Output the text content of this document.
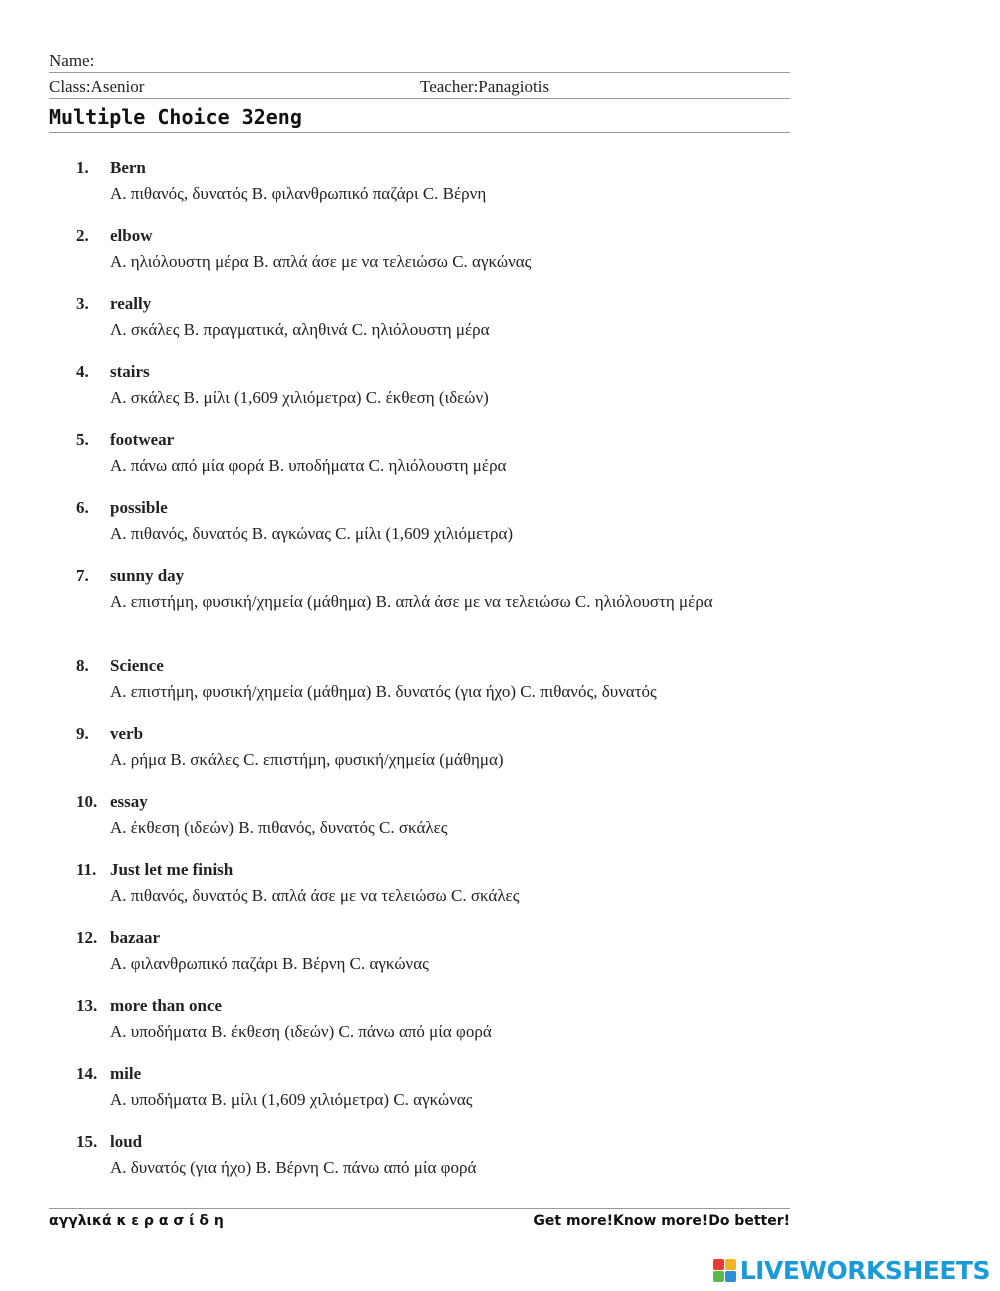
Name:
Class:Asenior	Teacher:Panagiotis
Multiple Choice 32eng
1.	Bern
A. πιθανός, δυνατός B. φιλανθρωπικό παζάρι C. Βέρνη
2.	elbow
A. ηλιόλουστη μέρα B. απλά άσε με να τελειώσω C. αγκώνας
3.	really
Λ. σκάλες B. πραγματικά, αληθινά C. ηλιόλουστη μέρα
4.	stairs
A. σκάλες B. μίλι (1,609 χιλιόμετρα) C. έκθεση (ιδεών)
5.	footwear
A. πάνω από μία φορά B. υποδήματα C. ηλιόλουστη μέρα
6.	possible
A. πιθανός, δυνατός B. αγκώνας C. μίλι (1,609 χιλιόμετρα)
7.	sunny day
A. επιστήμη, φυσική/χημεία (μάθημα) B. απλά άσε με να τελειώσω C. ηλιόλουστη μέρα
8.	Science
A. επιστήμη, φυσική/χημεία (μάθημα) B. δυνατός (για ήχο) C. πιθανός, δυνατός
9.	verb
A. ρήμα B. σκάλες C. επιστήμη, φυσική/χημεία (μάθημα)
10. essay
A. έκθεση (ιδεών) B. πιθανός, δυνατός C. σκάλες
11. Just let me finish
A. πιθανός, δυνατός B. απλά άσε με να τελειώσω C. σκάλες
12. bazaar
A. φιλανθρωπικό παζάρι B. Βέρνη C. αγκώνας
13. more than once
A. υποδήματα B. έκθεση (ιδεών) C. πάνω από μία φορά
14. mile
A. υποδήματα B. μίλι (1,609 χιλιόμετρα) C. αγκώνας
15. loud
A. δυνατός (για ήχο) B. Βέρνη C. πάνω από μία φορά
αγγλικά κ ε ρ α σ ί δ η	Get more!Know more!Do better!
LIVEWORKSHEETS
